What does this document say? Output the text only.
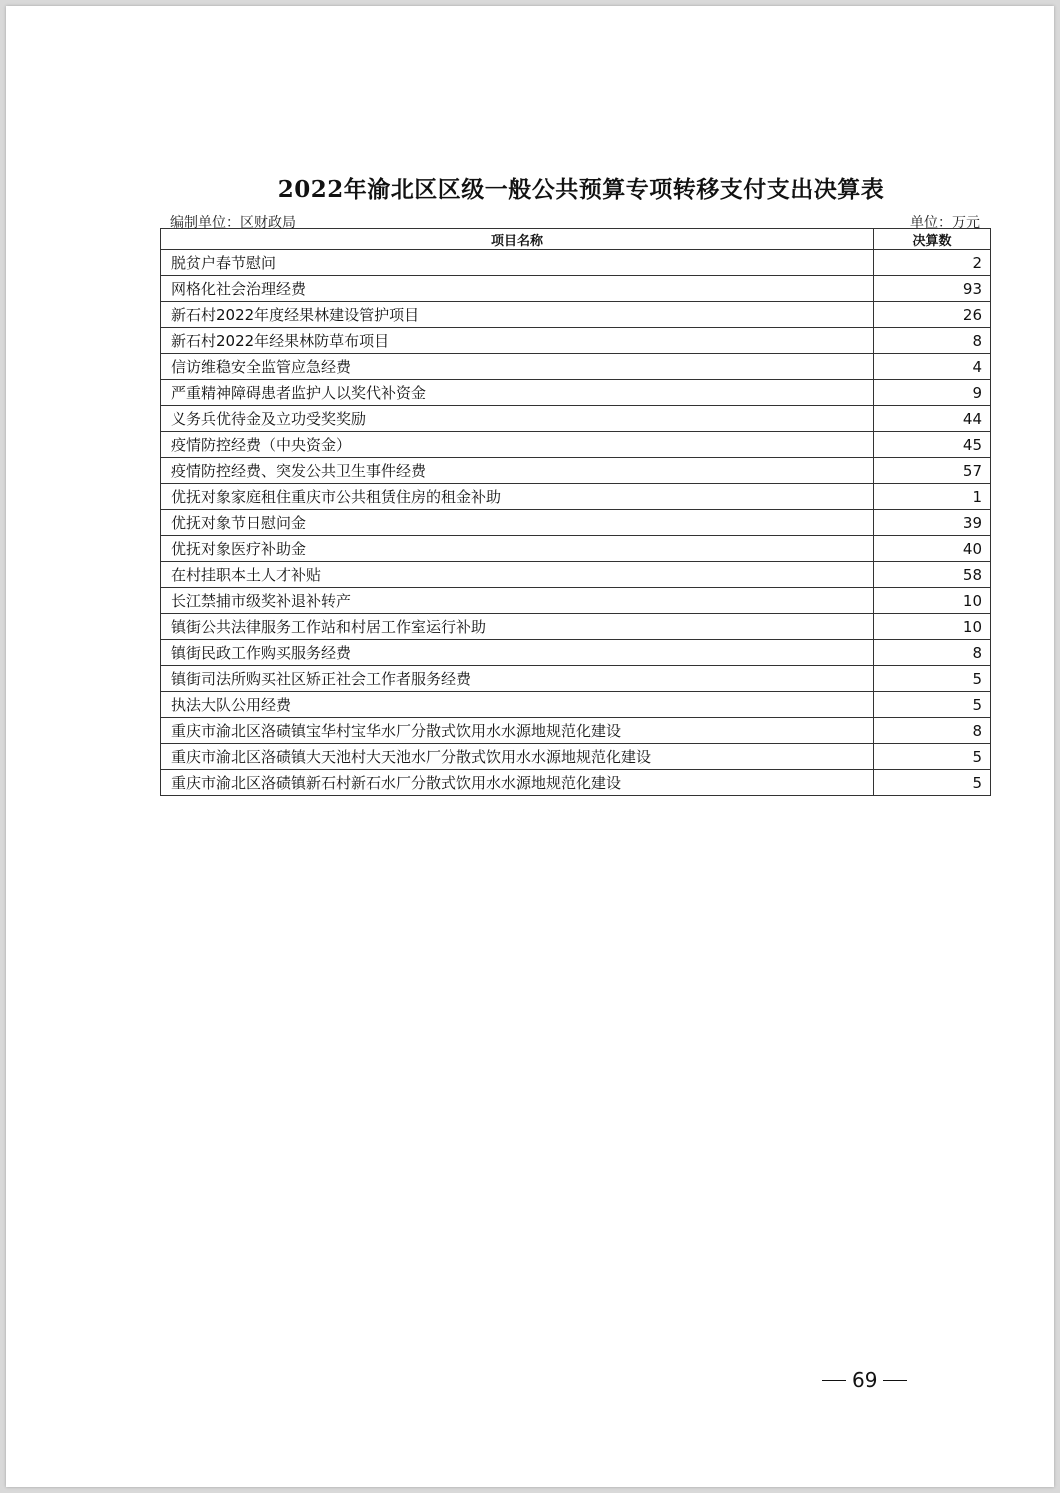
2022年渝北区区级一般公共预算专项转移支付支出决算表
编制单位：区财政局	单位：万元
项目名称	决算数
脱贫户春节慰问	2
网格化社会治理经费	93
新石村2022年度经果林建设管护项目	26
新石村2022年经果林防草布项目	8
信访维稳安全监管应急经费	4
严重精神障碍患者监护人以奖代补资金	9
义务兵优待金及立功受奖奖励	44
疫情防控经费（中央资金）	45
疫情防控经费、突发公共卫生事件经费	57
优抚对象家庭租住重庆市公共租赁住房的租金补助	1
优抚对象节日慰问金	39
优抚对象医疗补助金	40
在村挂职本土人才补贴	58
长江禁捕市级奖补退补转产	10
镇街公共法律服务工作站和村居工作室运行补助	10
镇街民政工作购买服务经费	8
镇街司法所购买社区矫正社会工作者服务经费	5
执法大队公用经费	5
重庆市渝北区洛碛镇宝华村宝华水厂分散式饮用水水源地规范化建设	8
重庆市渝北区洛碛镇大天池村大天池水厂分散式饮用水水源地规范化建设	5
重庆市渝北区洛碛镇新石村新石水厂分散式饮用水水源地规范化建设	5
69
